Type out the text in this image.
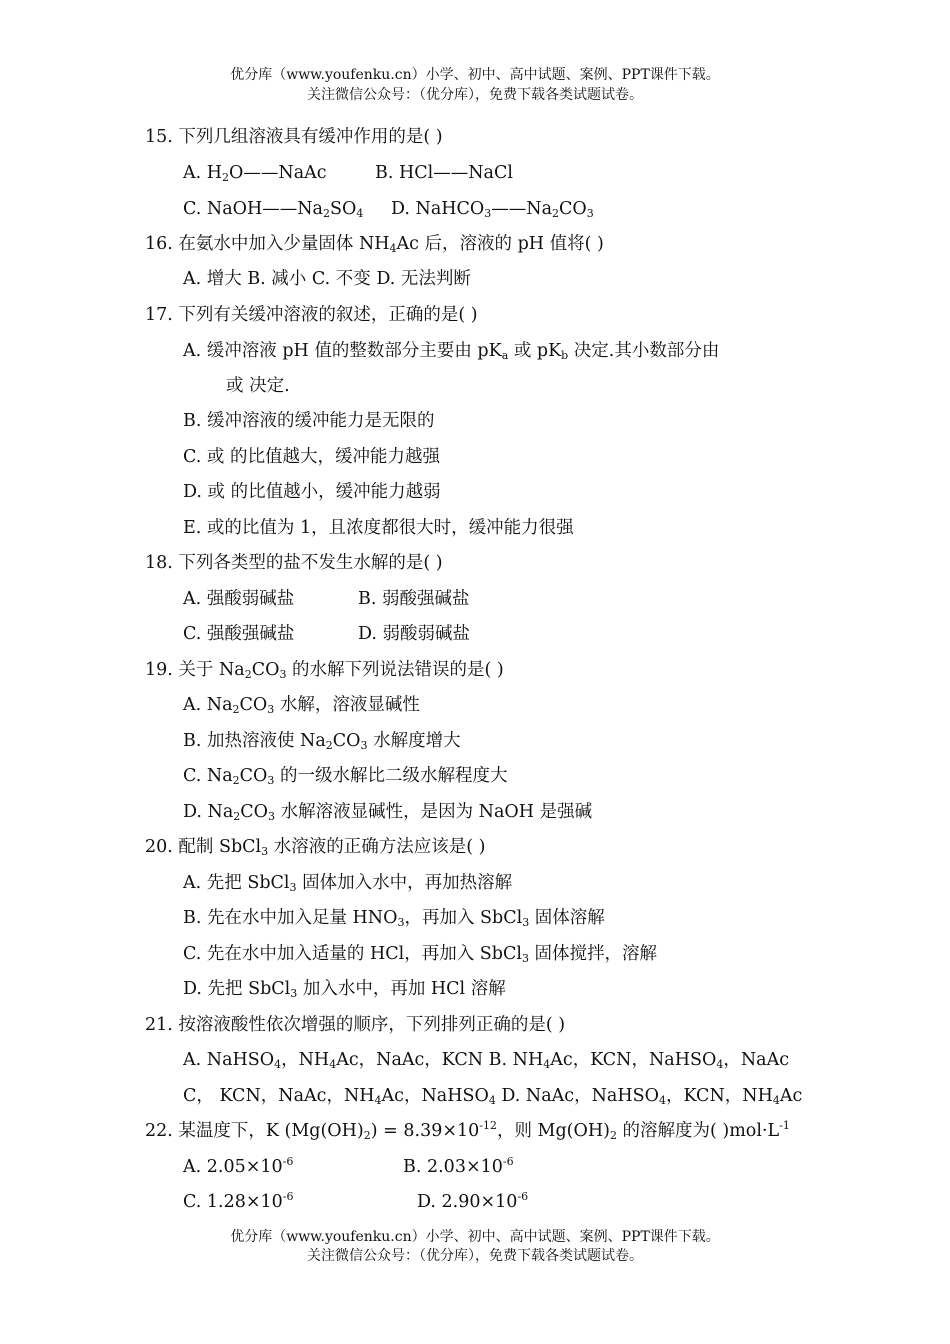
优分库（www.youfenku.cn）小学、初中、高中试题、案例、PPT课件下载。
关注微信公众号：（优分库），免费下载各类试题试卷。
15. 下列几组溶液具有缓冲作用的是( )
A. $H_2O——NaAc$	B. HCl——NaCl
C. $NaOH——Na_2SO_4$ D. $NaHCO_3——Na_2CO_3$
16. 在氨水中加入少量固体 $NH_4Ac$ 后，溶液的 pH 值将( )
A. 增大 B. 减小 C. 不变 D. 无法判断
17. 下列有关缓冲溶液的叙述，正确的是( )
A. 缓冲溶液 pH 值的整数部分主要由 $pK_a$ 或 $pK_b$ 决定.其小数部分由
或 决定.
B. 缓冲溶液的缓冲能力是无限的
C. 或 的比值越大，缓冲能力越强
D. 或 的比值越小，缓冲能力越弱
E. 或的比值为 1，且浓度都很大时，缓冲能力很强
18. 下列各类型的盐不发生水解的是( )
A. 强酸弱碱盐	B. 弱酸强碱盐
C. 强酸强碱盐	D. 弱酸弱碱盐
19. 关于 $Na_2CO_3$ 的水解下列说法错误的是( )
A. $Na_2CO_3$ 水解，溶液显碱性
B. 加热溶液使 $Na_2CO_3$ 水解度增大
C. $Na_2CO_3$ 的一级水解比二级水解程度大
D. $Na_2CO_3$ 水解溶液显碱性，是因为 NaOH 是强碱
20. 配制 SbCl$_3$ 水溶液的正确方法应该是( )
A. 先把 SbCl$_3$ 固体加入水中，再加热溶解
B. 先在水中加入足量 $HNO_3$，再加入 SbCl$_3$ 固体溶解
C. 先在水中加入适量的 HCl，再加入 SbCl$_3$ 固体搅拌，溶解
D. 先把 SbCl$_3$ 加入水中，再加 HCl 溶解
21. 按溶液酸性依次增强的顺序，下列排列正确的是( )
A. NaHSO$_4$，$NH_4Ac$，NaAc，KCN B. $NH_4Ac$，KCN，NaHSO$_4$，NaAc
C， KCN，NaAc，$NH_4Ac$，NaHSO$_4$ D. NaAc，NaHSO$_4$，KCN，$NH_4Ac$
22. 某温度下，K $(Mg(OH)_2) = 8.39\times 10^{-12}$，则 $Mg(OH)_2$ 的溶解度为( )$mol\cdot L^{-1}$
A. $2.05\times 10^{-6}$	B. $2.03\times 10^{-6}$
C. $1.28\times 10^{-6}$	D. $2.90\times 10^{-6}$
优分库（www.youfenku.cn）小学、初中、高中试题、案例、PPT课件下载。
关注微信公众号：（优分库），免费下载各类试题试卷。
